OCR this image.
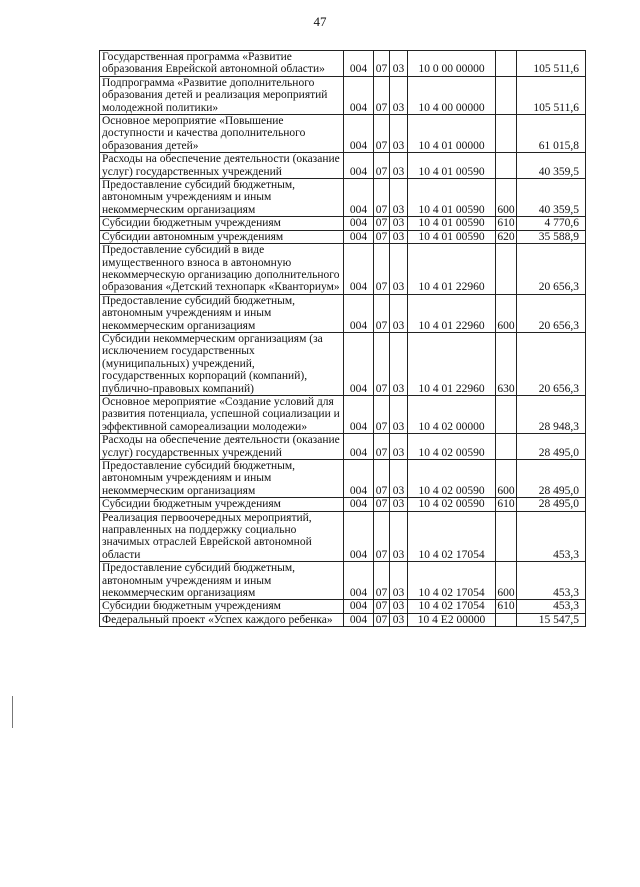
47
Государственная программа «Развитие образования Еврейской автономной области»	004	07	03	10 0 00 00000		105 511,6
Подпрограмма «Развитие дополнительного образования детей и реализация мероприятий молодежной политики»	004	07	03	10 4 00 00000		105 511,6
Основное мероприятие «Повышение доступности и качества дополнительного образования детей»	004	07	03	10 4 01 00000		61 015,8
Расходы на обеспечение деятельности (оказание услуг) государственных учреждений	004	07	03	10 4 01 00590		40 359,5
Предоставление субсидий бюджетным, автономным учреждениям и иным некоммерческим организациям	004	07	03	10 4 01 00590	600	40 359,5
Субсидии бюджетным учреждениям	004	07	03	10 4 01 00590	610	4 770,6
Субсидии автономным учреждениям	004	07	03	10 4 01 00590	620	35 588,9
Предоставление субсидий в виде имущественного взноса в автономную некоммерческую организацию дополнительного образования «Детский технопарк «Кванториум»	004	07	03	10 4 01 22960		20 656,3
Предоставление субсидий бюджетным, автономным учреждениям и иным некоммерческим организациям	004	07	03	10 4 01 22960	600	20 656,3
Субсидии некоммерческим организациям (за исключением государственных (муниципальных) учреждений, государственных корпораций (компаний), публично-правовых компаний)	004	07	03	10 4 01 22960	630	20 656,3
Основное мероприятие «Создание условий для развития потенциала, успешной социализации и эффективной самореализации молодежи»	004	07	03	10 4 02 00000		28 948,3
Расходы на обеспечение деятельности (оказание услуг) государственных учреждений	004	07	03	10 4 02 00590		28 495,0
Предоставление субсидий бюджетным, автономным учреждениям и иным некоммерческим организациям	004	07	03	10 4 02 00590	600	28 495,0
Субсидии бюджетным учреждениям	004	07	03	10 4 02 00590	610	28 495,0
Реализация первоочередных мероприятий, направленных на поддержку социально значимых отраслей Еврейской автономной области	004	07	03	10 4 02 17054		453,3
Предоставление субсидий бюджетным, автономным учреждениям и иным некоммерческим организациям	004	07	03	10 4 02 17054	600	453,3
Субсидии бюджетным учреждениям	004	07	03	10 4 02 17054	610	453,3
Федеральный проект «Успех каждого ребенка»	004	07	03	10 4 E2 00000		15 547,5
